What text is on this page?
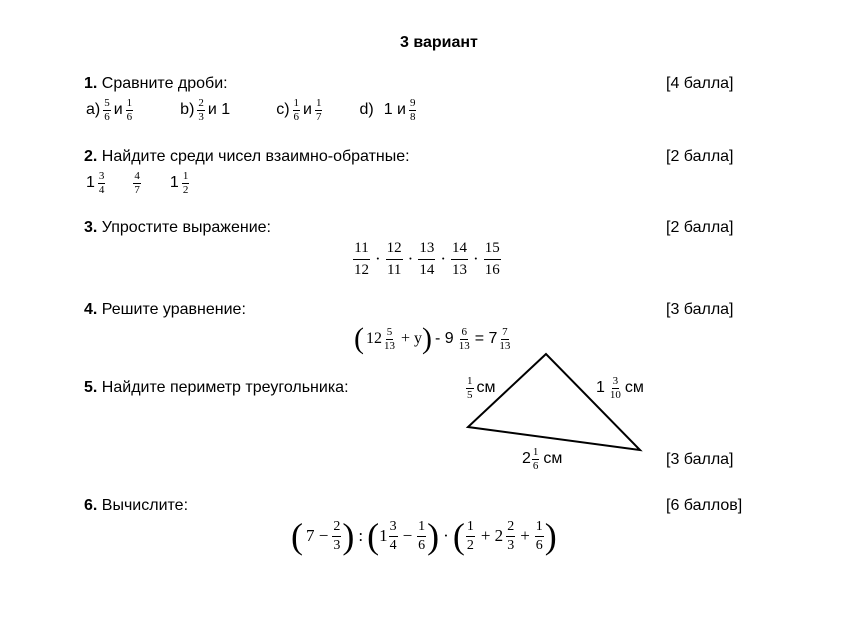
3 вариант
1. Сравните дроби:	[4 балла]
$a) \frac{5}{6}$ и $\frac{1}{6}$	$b) \frac{2}{3}$ и 1	$c) \frac{1}{6}$ и $\frac{1}{7} d$) 1 и $\frac{9}{8}$
2. Найдите среди чисел взаимно-обратные:	[2 балла]
$1 \frac{3}{4}$	$\frac{4}{7} 1 \frac{1}{2}$
3. Упростите выражение:	[2 балла]
$\frac{11}{12} \cdot \frac{12}{11} \cdot \frac{13}{14} \cdot \frac{14}{13} \cdot \frac{15}{16}$
4. Решите уравнение:	[3 балла]
( $12 \frac{5}{13} + y$ ) - $9 \frac{6}{13} = 7 \frac{7}{13}$
5. Найдите периметр треугольника:	$\frac{1}{5}$ см	$1 \frac{3}{10}$ см
$2 \frac{1}{6}$ см	[3 балла]
6. Вычислите:	[6 баллов]
( $7 - \frac{2}{3}$ ) : ( $1 \frac{3}{4} - \frac{1}{6}$ ) · ( $\frac{1}{2} + 2 \frac{2}{3} + \frac{1}{6}$ )
